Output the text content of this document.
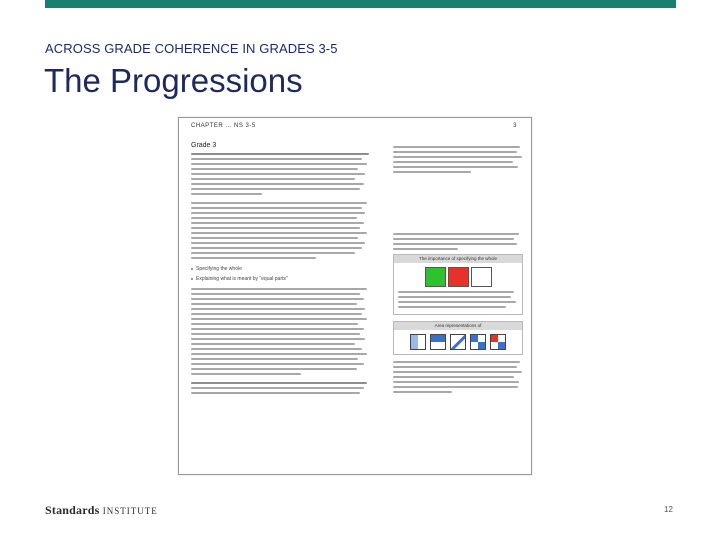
ACROSS GRADE COHERENCE IN GRADES 3-5
The Progressions
CHAPTER ... NS 3-5	3
Grade 3
Specifying the whole
Explaining what is meant by "equal parts"
The importance of specifying the whole
Area representations of
Standards INSTITUTE	12
